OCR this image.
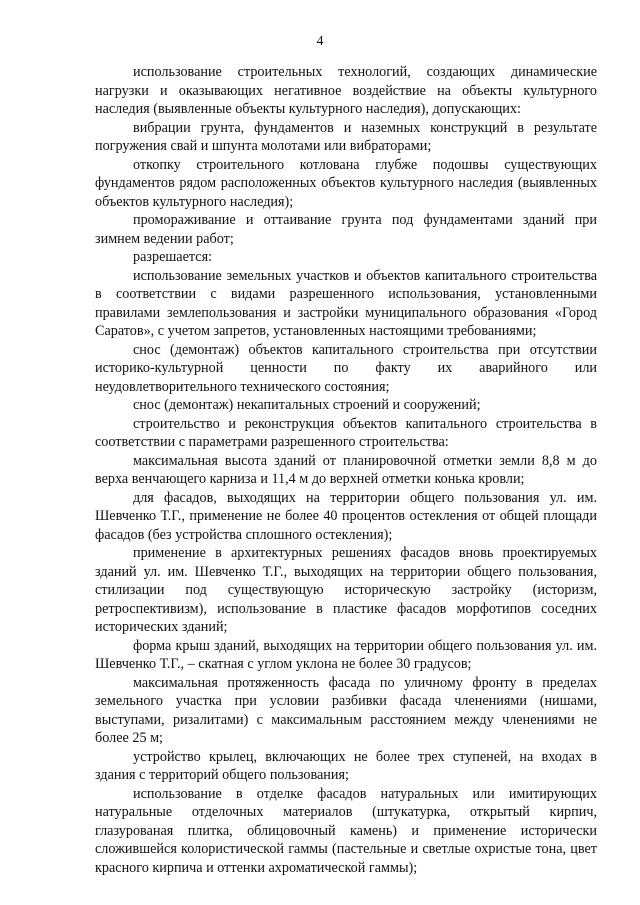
4

использование строительных технологий, создающих динамические нагрузки и оказывающих негативное воздействие на объекты культурного наследия (выявленные объекты культурного наследия), допускающих:

вибрации грунта, фундаментов и наземных конструкций в результате погружения свай и шпунта молотами или вибраторами;

откопку строительного котлована глубже подошвы существующих фундаментов рядом расположенных объектов культурного наследия (выявленных объектов культурного наследия);

промораживание и оттаивание грунта под фундаментами зданий при зимнем ведении работ;

разрешается:

использование земельных участков и объектов капитального строительства в соответствии с видами разрешенного использования, установленными правилами землепользования и застройки муниципального образования «Город Саратов», с учетом запретов, установленных настоящими требованиями;

снос (демонтаж) объектов капитального строительства при отсутствии историко-культурной ценности по факту их аварийного или неудовлетворительного технического состояния;

снос (демонтаж) некапитальных строений и сооружений;

строительство и реконструкция объектов капитального строительства в соответствии с параметрами разрешенного строительства:

максимальная высота зданий от планировочной отметки земли 8,8 м до верха венчающего карниза и 11,4 м до верхней отметки конька кровли;

для фасадов, выходящих на территории общего пользования ул. им. Шевченко Т.Г., применение не более 40 процентов остекления от общей площади фасадов (без устройства сплошного остекления);

применение в архитектурных решениях фасадов вновь проектируемых зданий ул. им. Шевченко Т.Г., выходящих на территории общего пользования, стилизации под существующую историческую застройку (историзм, ретроспективизм), использование в пластике фасадов морфотипов соседних исторических зданий;

форма крыш зданий, выходящих на территории общего пользования ул. им. Шевченко Т.Г., – скатная с углом уклона не более 30 градусов;

максимальная протяженность фасада по уличному фронту в пределах земельного участка при условии разбивки фасада членениями (нишами, выступами, ризалитами) с максимальным расстоянием между членениями не более 25 м;

устройство крылец, включающих не более трех ступеней, на входах в здания с территорий общего пользования;

использование в отделке фасадов натуральных или имитирующих натуральные отделочных материалов (штукатурка, открытый кирпич, глазурованая плитка, облицовочный камень) и применение исторически сложившейся колористической гаммы (пастельные и светлые охристые тона, цвет красного кирпича и оттенки ахроматической гаммы);
